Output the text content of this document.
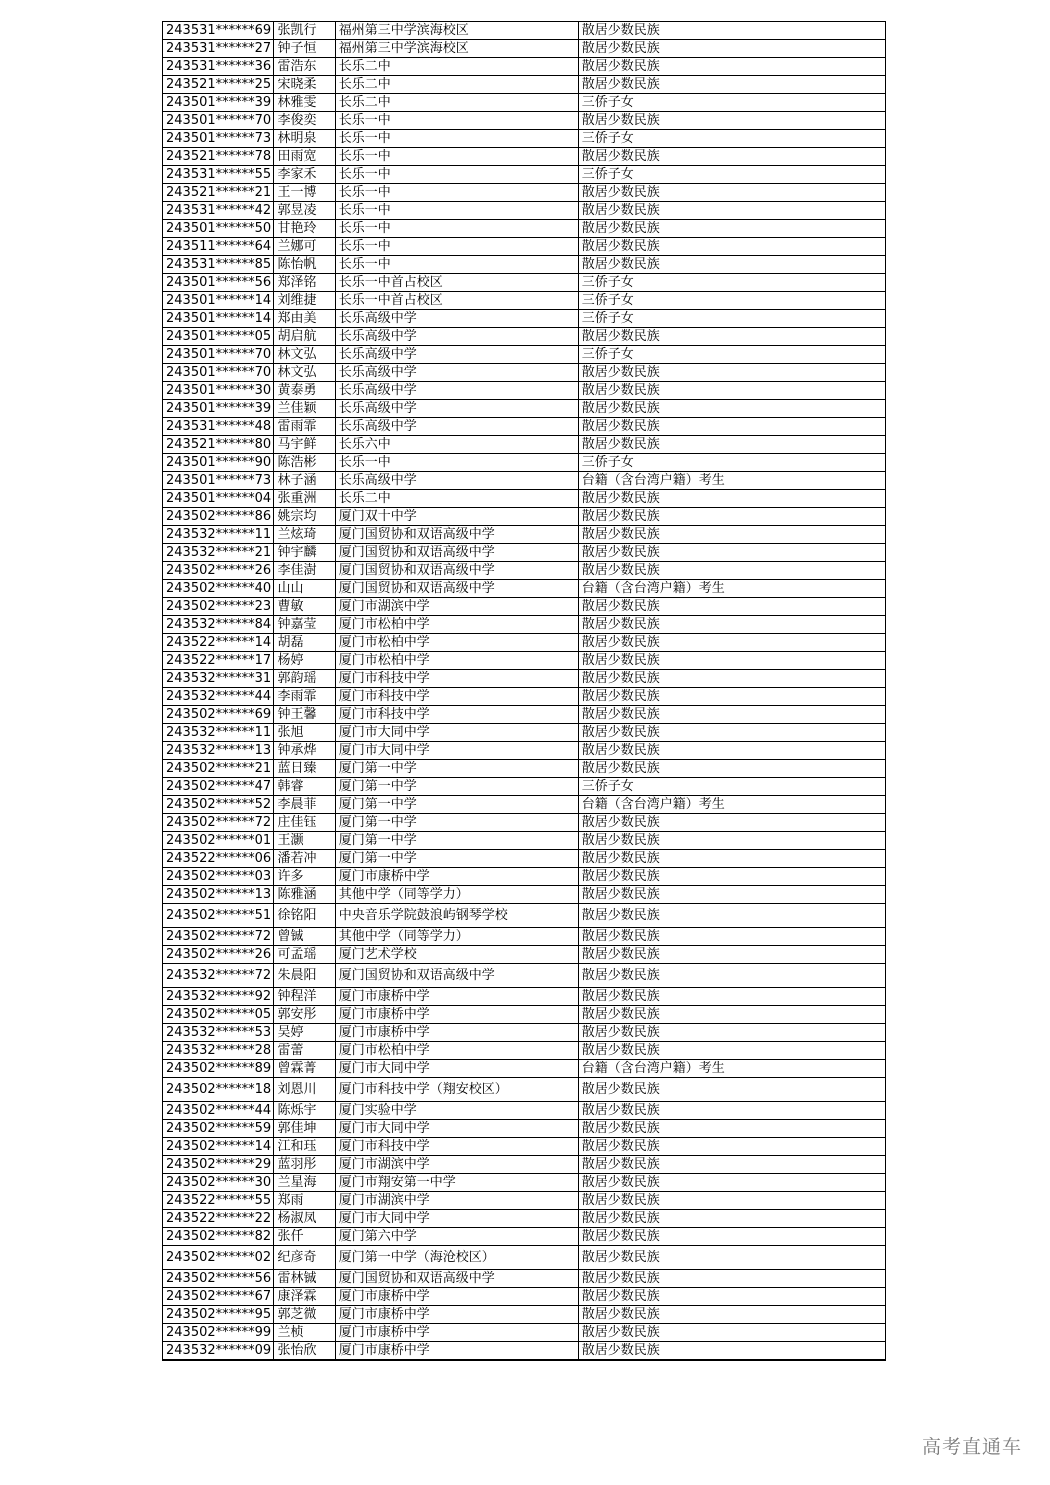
243531******69	张凯行	福州第三中学滨海校区	散居少数民族
243531******27	钟子恒	福州第三中学滨海校区	散居少数民族
243531******36	雷浩东	长乐二中	散居少数民族
243521******25	宋晓柔	长乐二中	散居少数民族
243501******39	林雅雯	长乐二中	三侨子女
243501******70	李俊奕	长乐一中	散居少数民族
243501******73	林明泉	长乐一中	三侨子女
243521******78	田雨宽	长乐一中	散居少数民族
243531******55	李家禾	长乐一中	三侨子女
243521******21	王一博	长乐一中	散居少数民族
243531******42	郭昱凌	长乐一中	散居少数民族
243501******50	甘艳玲	长乐一中	散居少数民族
243511******64	兰娜可	长乐一中	散居少数民族
243531******85	陈怡帆	长乐一中	散居少数民族
243501******56	郑泽铭	长乐一中首占校区	三侨子女
243501******14	刘维捷	长乐一中首占校区	三侨子女
243501******14	郑由美	长乐高级中学	三侨子女
243501******05	胡启航	长乐高级中学	散居少数民族
243501******70	林文弘	长乐高级中学	三侨子女
243501******70	林文弘	长乐高级中学	散居少数民族
243501******30	黄泰勇	长乐高级中学	散居少数民族
243501******39	兰佳颖	长乐高级中学	散居少数民族
243531******48	雷雨霏	长乐高级中学	散居少数民族
243521******80	马宇鲜	长乐六中	散居少数民族
243501******90	陈浩彬	长乐一中	三侨子女
243501******73	林子涵	长乐高级中学	台籍（含台湾户籍）考生
243501******04	张重洲	长乐二中	散居少数民族
243502******86	姚宗均	厦门双十中学	散居少数民族
243532******11	兰炫琦	厦门国贸协和双语高级中学	散居少数民族
243532******21	钟宇麟	厦门国贸协和双语高级中学	散居少数民族
243502******26	李佳澍	厦门国贸协和双语高级中学	散居少数民族
243502******40	山山	厦门国贸协和双语高级中学	台籍（含台湾户籍）考生
243502******23	曹敏	厦门市湖滨中学	散居少数民族
243532******84	钟嘉莹	厦门市松柏中学	散居少数民族
243522******14	胡磊	厦门市松柏中学	散居少数民族
243522******17	杨婷	厦门市松柏中学	散居少数民族
243532******31	郭韵瑶	厦门市科技中学	散居少数民族
243532******44	李雨霏	厦门市科技中学	散居少数民族
243502******69	钟王馨	厦门市科技中学	散居少数民族
243532******11	张旭	厦门市大同中学	散居少数民族
243532******13	钟承烨	厦门市大同中学	散居少数民族
243502******21	蓝日臻	厦门第一中学	散居少数民族
243502******47	韩睿	厦门第一中学	三侨子女
243502******52	李晨菲	厦门第一中学	台籍（含台湾户籍）考生
243502******72	庄佳钰	厦门第一中学	散居少数民族
243502******01	王灏	厦门第一中学	散居少数民族
243522******06	潘若冲	厦门第一中学	散居少数民族
243502******03	许多	厦门市康桥中学	散居少数民族
243502******13	陈雅涵	其他中学（同等学力）	散居少数民族
243502******51	徐铭阳	中央音乐学院鼓浪屿钢琴学校	散居少数民族
243502******72	曾铖	其他中学（同等学力）	散居少数民族
243502******26	可孟瑶	厦门艺术学校	散居少数民族
243532******72	朱晨阳	厦门国贸协和双语高级中学	散居少数民族
243532******92	钟程洋	厦门市康桥中学	散居少数民族
243502******05	郭安彤	厦门市康桥中学	散居少数民族
243532******53	吴婷	厦门市康桥中学	散居少数民族
243532******28	雷蕾	厦门市松柏中学	散居少数民族
243502******89	曾霖菁	厦门市大同中学	台籍（含台湾户籍）考生
243502******18	刘恩川	厦门市科技中学（翔安校区）	散居少数民族
243502******44	陈烁宇	厦门实验中学	散居少数民族
243502******59	郭佳坤	厦门市大同中学	散居少数民族
243502******14	江和珏	厦门市科技中学	散居少数民族
243502******29	蓝羽彤	厦门市湖滨中学	散居少数民族
243502******30	兰星海	厦门市翔安第一中学	散居少数民族
243522******55	郑雨	厦门市湖滨中学	散居少数民族
243522******22	杨淑凤	厦门市大同中学	散居少数民族
243502******82	张仟	厦门第六中学	散居少数民族
243502******02	纪彦奇	厦门第一中学（海沧校区）	散居少数民族
243502******56	雷林铖	厦门国贸协和双语高级中学	散居少数民族
243502******67	康泽霖	厦门市康桥中学	散居少数民族
243502******95	郭芝微	厦门市康桥中学	散居少数民族
243502******99	兰桢	厦门市康桥中学	散居少数民族
243532******09	张怡欣	厦门市康桥中学	散居少数民族
高考直通车
